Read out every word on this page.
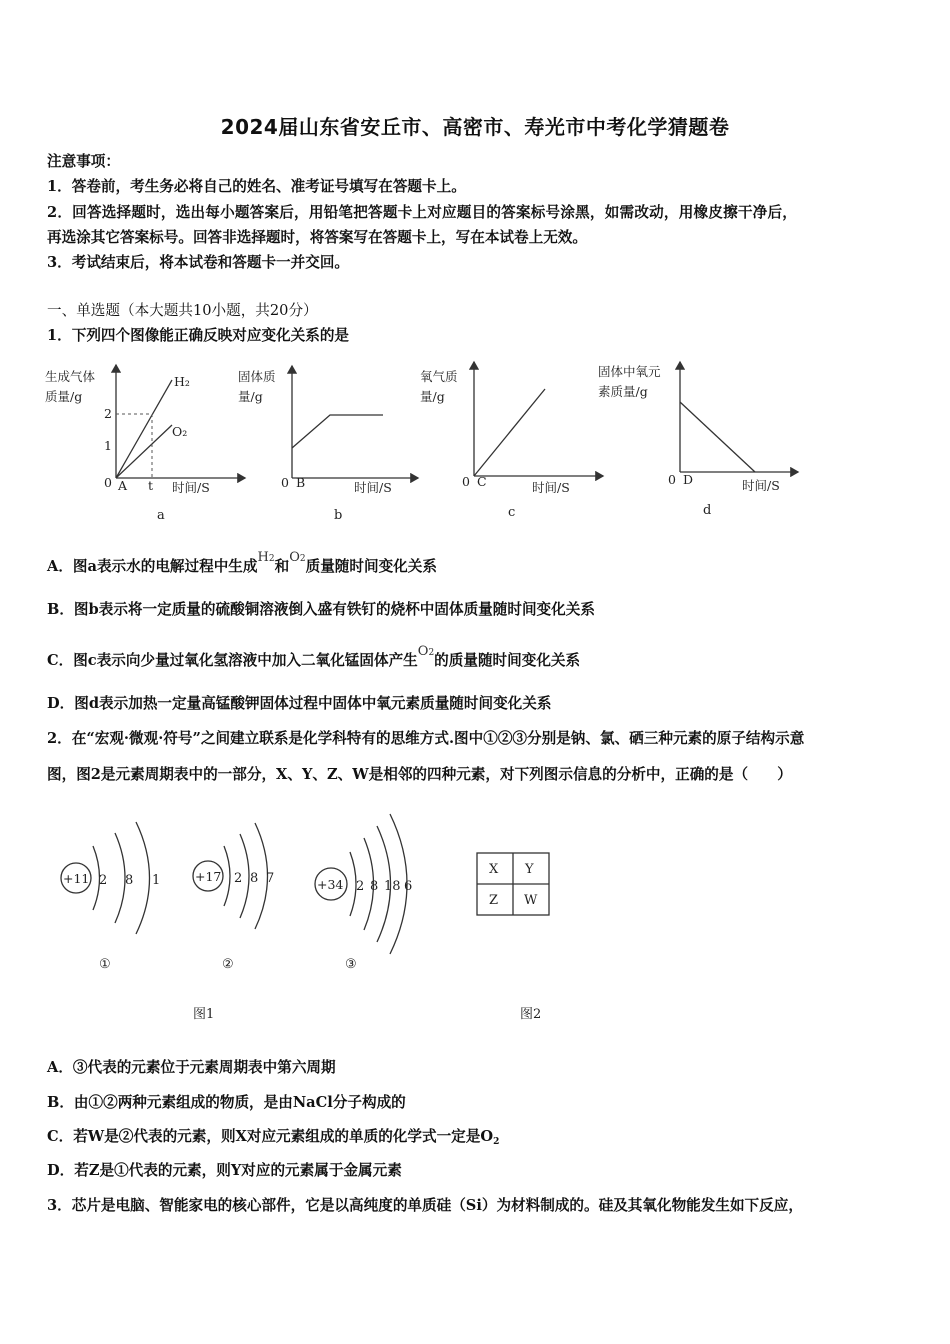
2024届山东省安丘市、高密市、寿光市中考化学猜题卷
注意事项：
1．答卷前，考生务必将自己的姓名、准考证号填写在答题卡上。
2．回答选择题时，选出每小题答案后，用铅笔把答题卡上对应题目的答案标号涂黑，如需改动，用橡皮擦干净后，
再选涂其它答案标号。回答非选择题时，将答案写在答题卡上，写在本试卷上无效。
3．考试结束后，将本试卷和答题卡一并交回。
一、单选题（本大题共10小题，共20分）
1．下列四个图像能正确反映对应变化关系的是
生成气体
质量/g
2
1
0 A t 时间/S
H₂
O₂
a
固体质
量/g
0 B	时间/S
b
氧气质
量/g
0 C	时间/S
c
固体中氧元
素质量/g
0 D	时间/S
d
+11 2 8 1
①
+17 2 8 7
②
+34 2 8 18 6
③
X Y
Z W
图1	图2
A．图a表示水的电解过程中生成$H^2$和$O^2$质量随时间变化关系
B．图b表示将一定质量的硫酸铜溶液倒入盛有铁钉的烧杯中固体质量随时间变化关系
C．图c表示向少量过氧化氢溶液中加入二氧化锰固体产生$O^2$的质量随时间变化关系
D．图d表示加热一定量高锰酸钾固体过程中固体中氧元素质量随时间变化关系
2．在“宏观·微观·符号”之间建立联系是化学科特有的思维方式.图中①②③分别是钠、氯、硒三种元素的原子结构示意
图，图2是元素周期表中的一部分，X、Y、Z、W是相邻的四种元素，对下列图示信息的分析中，正确的是（　　）
A．③代表的元素位于元素周期表中第六周期
B．由①②两种元素组成的物质，是由NaCl分子构成的
C．若W是②代表的元素，则X对应元素组成的单质的化学式一定是$O_2$
D．若Z是①代表的元素，则Y对应的元素属于金属元素
3．芯片是电脑、智能家电的核心部件，它是以高纯度的单质硅（Si）为材料制成的。硅及其氧化物能发生如下反应，
